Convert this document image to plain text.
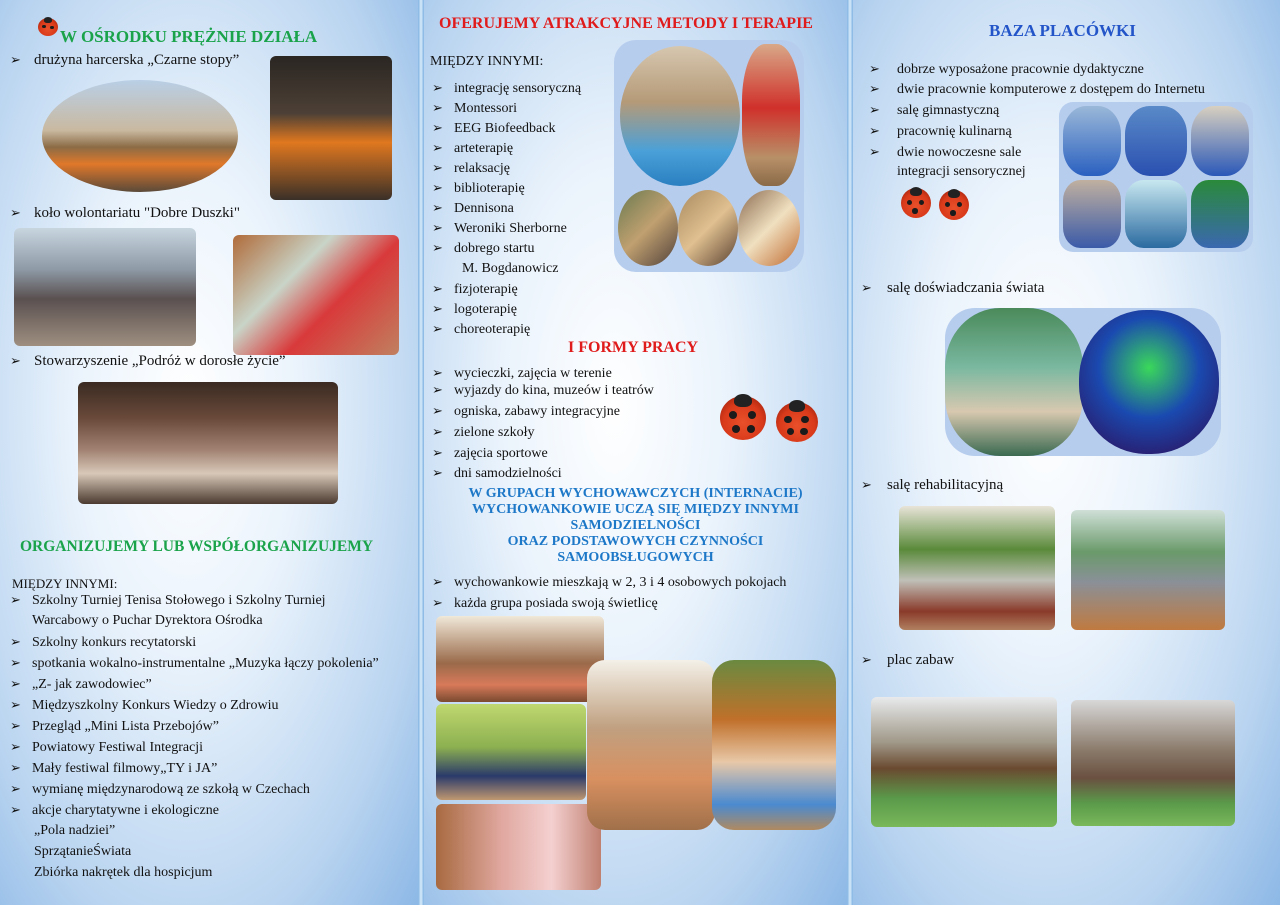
W OŚRODKU PRĘŻNIE DZIAŁA
➢ drużyna harcerska „Czarne stopy”
➢ koło wolontariatu "Dobre Duszki"
➢ Stowarzyszenie „Podróż w dorosłe życie”
ORGANIZUJEMY LUB WSPÓŁORGANIZUJEMY
MIĘDZY INNYMI:
➢ Szkolny Turniej Tenisa Stołowego i Szkolny Turniej
Warcabowy o Puchar Dyrektora Ośrodka
➢ Szkolny konkurs recytatorski
➢ spotkania wokalno-instrumentalne „Muzyka łączy pokolenia”
➢ „Z- jak zawodowiec”
➢ Międzyszkolny Konkurs Wiedzy o Zdrowiu
➢ Przegląd „Mini Lista Przebojów”
➢ Powiatowy Festiwal Integracji
➢ Mały festiwal filmowy„TY i JA”
➢ wymianę międzynarodową ze szkołą w Czechach
➢ akcje charytatywne i ekologiczne
„Pola nadziei”
SprzątanieŚwiata
Zbiórka nakrętek dla hospicjum
OFERUJEMY ATRAKCYJNE METODY I TERAPIE
MIĘDZY INNYMI:
➢ integrację sensoryczną
➢ Montessori
➢ EEG Biofeedback
➢ arteterapię
➢ relaksację
➢ biblioterapię
➢ Dennisona
➢ Weroniki Sherborne
➢ dobrego startu
M. Bogdanowicz
➢ fizjoterapię
➢ logoterapię
➢ choreoterapię
I FORMY PRACY
➢ wycieczki, zajęcia w terenie
➢ wyjazdy do kina, muzeów i teatrów
➢ ogniska, zabawy integracyjne
➢ zielone szkoły
➢ zajęcia sportowe
➢ dni samodzielności
W GRUPACH WYCHOWAWCZYCH (INTERNACIE)
WYCHOWANKOWIE UCZĄ SIĘ MIĘDZY INNYMI
SAMODZIELNOŚCI
ORAZ PODSTAWOWYCH CZYNNOŚCI
SAMOOBSŁUGOWYCH
➢ wychowankowie mieszkają w 2, 3 i 4 osobowych pokojach
➢ każda grupa posiada swoją świetlicę
BAZA PLACÓWKI
➢ dobrze wyposażone pracownie dydaktyczne
➢ dwie pracownie komputerowe z dostępem do Internetu
➢ salę gimnastyczną
➢ pracownię kulinarną
➢ dwie nowoczesne sale
integracji sensorycznej
➢ salę doświadczania świata
➢ salę rehabilitacyjną
➢ plac zabaw
